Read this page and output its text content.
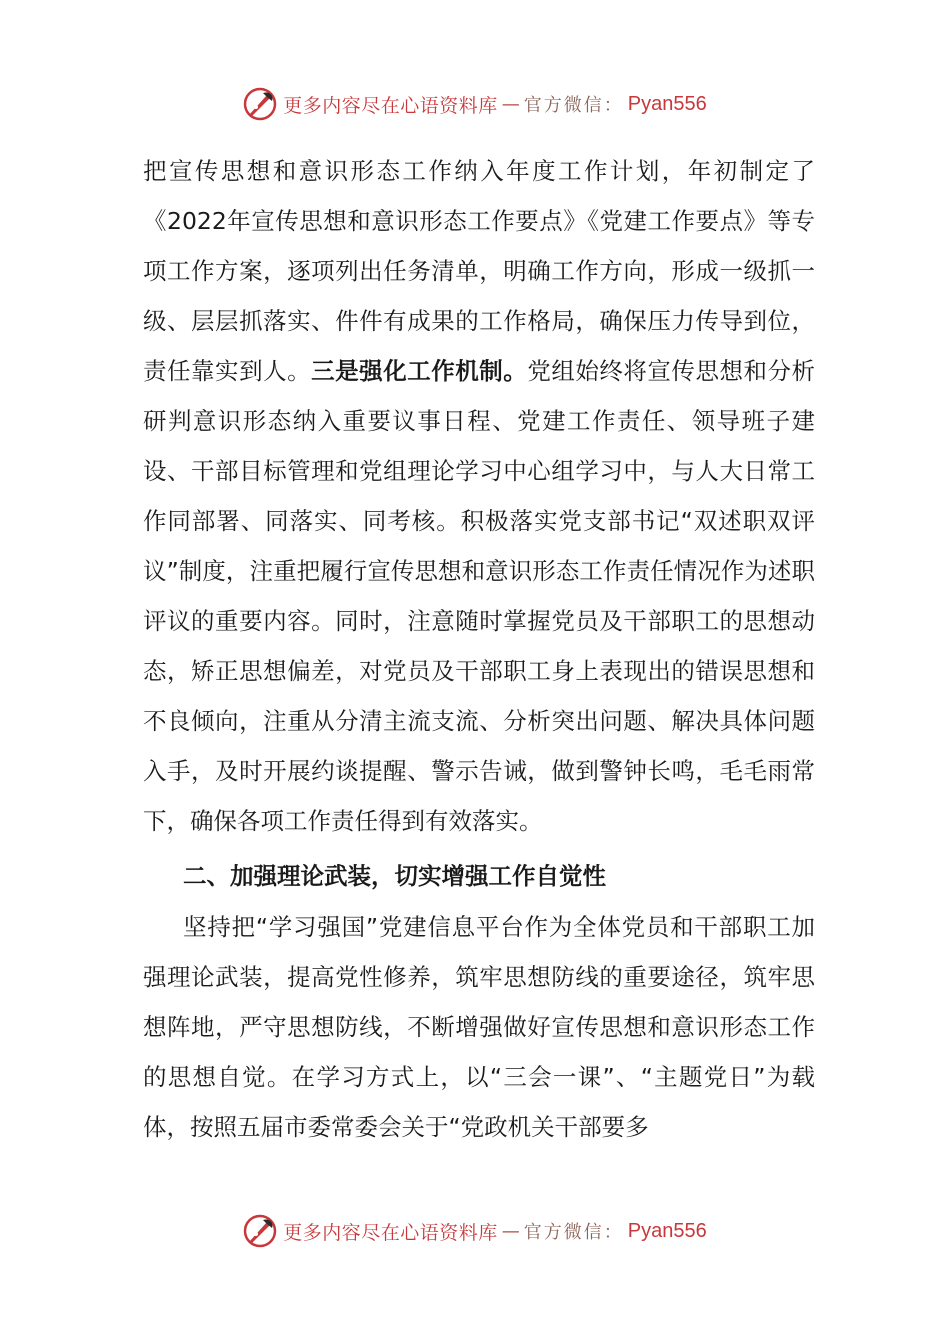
更多内容尽在心语资料库 — 官方微信： Pyan556

把宣传思想和意识形态工作纳入年度工作计划，年初制定了《2022年宣传思想和意识形态工作要点》《党建工作要点》等专项工作方案，逐项列出任务清单，明确工作方向，形成一级抓一级、层层抓落实、件件有成果的工作格局，确保压力传导到位，责任靠实到人。三是强化工作机制。党组始终将宣传思想和分析研判意识形态纳入重要议事日程、党建工作责任、领导班子建设、干部目标管理和党组理论学习中心组学习中，与人大日常工作同部署、同落实、同考核。积极落实党支部书记“双述职双评议”制度，注重把履行宣传思想和意识形态工作责任情况作为述职评议的重要内容。同时，注意随时掌握党员及干部职工的思想动态，矫正思想偏差，对党员及干部职工身上表现出的错误思想和不良倾向，注重从分清主流支流、分析突出问题、解决具体问题入手，及时开展约谈提醒、警示告诫，做到警钟长鸣，毛毛雨常下，确保各项工作责任得到有效落实。

二、加强理论武装，切实增强工作自觉性

坚持把“学习强国”党建信息平台作为全体党员和干部职工加强理论武装，提高党性修养，筑牢思想防线的重要途径，筑牢思想阵地，严守思想防线，不断增强做好宣传思想和意识形态工作的思想自觉。在学习方式上，以“三会一课”、“主题党日”为载体，按照五届市委常委会关于“党政机关干部要多

更多内容尽在心语资料库 — 官方微信： Pyan556
